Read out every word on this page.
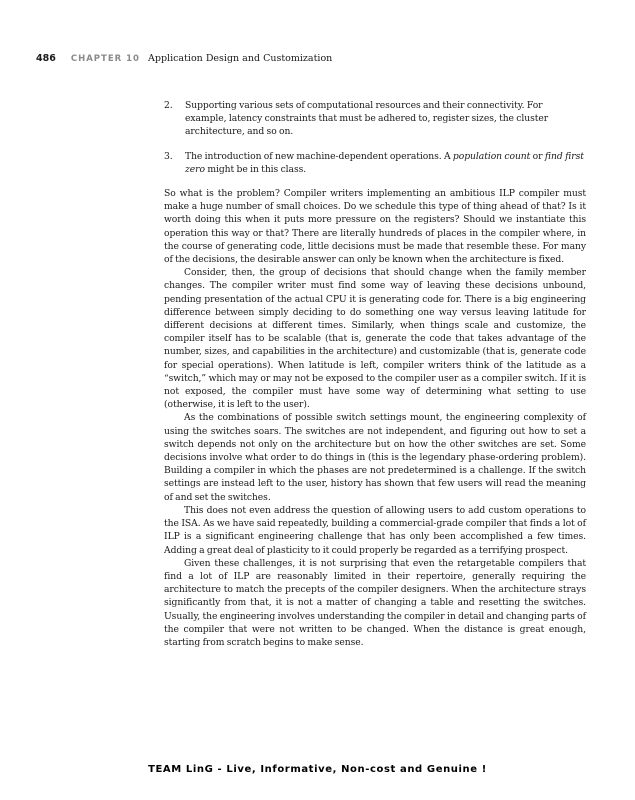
486 CHAPTER 10 Application Design and Customization
2.	Supporting various sets of computational resources and their connectivity. For example, latency constraints that must be adhered to, register sizes, the cluster architecture, and so on.
3.	The introduction of new machine-dependent operations. A population count or find first zero might be in this class.

So what is the problem? Compiler writers implementing an ambitious ILP compiler must make a huge number of small choices. Do we schedule this type of thing ahead of that? Is it worth doing this when it puts more pressure on the registers? Should we instantiate this operation this way or that? There are literally hundreds of places in the compiler where, in the course of generating code, little decisions must be made that resemble these. For many of the decisions, the desirable answer can only be known when the architecture is fixed.

Consider, then, the group of decisions that should change when the family member changes. The compiler writer must find some way of leaving these decisions unbound, pending presentation of the actual CPU it is generating code for. There is a big engineering difference between simply deciding to do something one way versus leaving latitude for different decisions at different times. Similarly, when things scale and customize, the compiler itself has to be scalable (that is, generate the code that takes advantage of the number, sizes, and capabilities in the architecture) and customizable (that is, generate code for special operations). When latitude is left, compiler writers think of the latitude as a “switch,” which may or may not be exposed to the compiler user as a compiler switch. If it is not exposed, the compiler must have some way of determining what setting to use (otherwise, it is left to the user).

As the combinations of possible switch settings mount, the engineering complexity of using the switches soars. The switches are not independent, and figuring out how to set a switch depends not only on the architecture but on how the other switches are set. Some decisions involve what order to do things in (this is the legendary phase-ordering problem). Building a compiler in which the phases are not predetermined is a challenge. If the switch settings are instead left to the user, history has shown that few users will read the meaning of and set the switches.

This does not even address the question of allowing users to add custom operations to the ISA. As we have said repeatedly, building a commercial-grade compiler that finds a lot of ILP is a significant engineering challenge that has only been accomplished a few times. Adding a great deal of plasticity to it could properly be regarded as a terrifying prospect.

Given these challenges, it is not surprising that even the retargetable compilers that find a lot of ILP are reasonably limited in their repertoire, generally requiring the architecture to match the precepts of the compiler designers. When the architecture strays significantly from that, it is not a matter of changing a table and resetting the switches. Usually, the engineering involves understanding the compiler in detail and changing parts of the compiler that were not written to be changed. When the distance is great enough, starting from scratch begins to make sense.

TEAM LinG - Live, Informative, Non-cost and Genuine !
